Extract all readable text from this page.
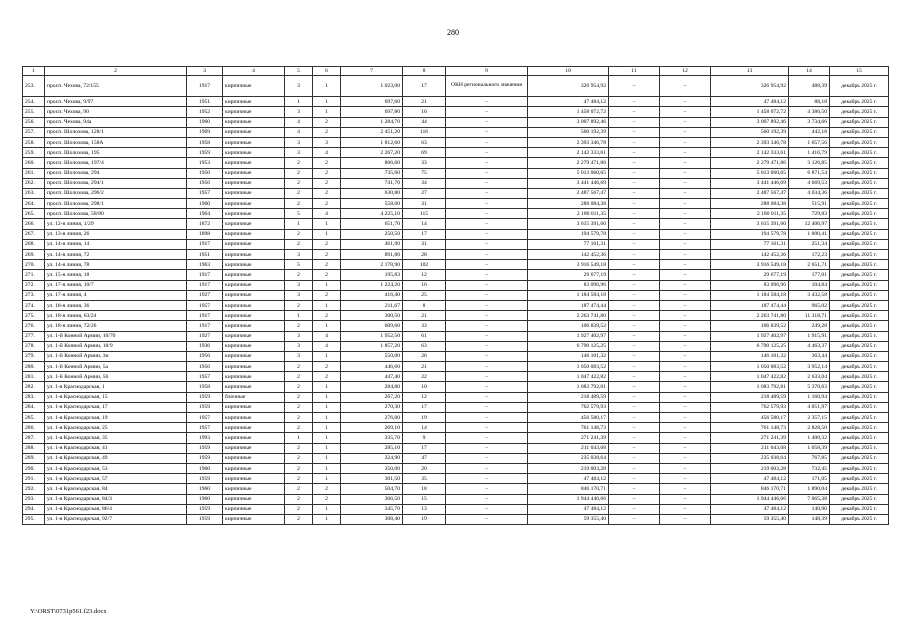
280
1	2	3	4	5	6	7	8	9	10	11	12	13	14	15
253.	просп. Чехова, 72/155	1917	кирпичные	3	1	1 023,00	17	ОКН регионального значения	326 954,92	–	–	326 954,92	488,39	декабрь 2025 г.
254.	просп. Чехова, 9/97	1951	кирпичные	1	1	697,60	21	–	47 484,12	–	–	47 484,12	88,18	декабрь 2025 г.
255.	просп. Чехова, 90	1952	кирпичные	3	1	697,80	16	–	1 458 072,72	–	–	1 458 072,72	4 386,50	декабрь 2025 г.
256.	просп. Чехова, 94а	1960	кирпичные	4	2	1 284,70	44	–	3 007 892,46	–	–	3 007 892,46	3 734,66	декабрь 2025 г.
257.	просп. Шолохова, 128/1	1969	кирпичные	4	2	2 451,20	116	–	560 192,39	–	–	560 192,39	442,18	декабрь 2025 г.
258.	просп. Шолохова, 158А	1958	кирпичные	3	3	1 812,60	63	–	2 393 346,78	–	–	2 393 346,78	1 657,56	декабрь 2025 г.
259.	просп. Шолохова, 195	1959	кирпичные	3	4	2 267,20	69	–	2 142 333,61	–	–	2 142 333,61	1 416,79	декабрь 2025 г.
260.	просп. Шолохова, 197/4	1953	кирпичные	2	2	806,60	33	–	2 279 471,86	–	–	2 279 471,86	3 126,85	декабрь 2025 г.
261.	просп. Шолохова, 294	1950	кирпичные	2	2	735,60	75	–	5 013 060,65	–	–	5 013 060,65	6 871,54	декабрь 2025 г.
262.	просп. Шолохова, 294/1	1956	кирпичные	2	2	741,70	34	–	3 441 446,69	–	–	3 441 446,69	4 669,53	декабрь 2025 г.
263.	просп. Шолохова, 296/2	1957	кирпичные	2	2	630,80	27	–	2 487 567,47	–	–	2 487 567,47	4 034,36	декабрь 2025 г.
264.	просп. Шолохова, 298/1	1960	кирпичные	2	2	558,60	31	–	288 084,38	–	–	288 084,38	515,91	декабрь 2025 г.
265.	просп. Шолохова, 58/80	1964	кирпичные	5	4	4 225,10	115	–	2 180 011,35	–	–	2 180 011,35	729,83	декабрь 2025 г.
266.	ул. 12-я линия, 1/29	1872	кирпичные	1	1	651,70	14	–	3 615 391,60	–	–	3 615 391,60	12 406,97	декабрь 2025 г.
267.	ул. 13-я линия, 26	1898	кирпичные	2	1	250,50	17	–	194 579,78	–	–	194 579,78	1 000,41	декабрь 2025 г.
268.	ул. 14-я линия, 14	1917	кирпичные	2	2	461,90	31	–	77 161,31	–	–	77 161,31	251,34	декабрь 2025 г.
269.	ул. 14-я линия, 72	1951	кирпичные	3	2	891,80	28	–	142 452,36	–	–	142 452,36	172,23	декабрь 2025 г.
270.	ул. 14-я линия, 78	1963	кирпичные	5	2	2 178,90	102	–	3 916 549,18	–	–	3 916 549,18	2 651,71	декабрь 2025 г.
271.	ул. 15-я линия, 18	1917	кирпичные	2	2	195,83	12	–	29 677,19	–	–	29 677,19	177,01	декабрь 2025 г.
272.	ул. 17-я линия, 10/7	1917	кирпичные	3	1	1 224,20	16	–	83 096,96	–	–	83 096,96	104,84	декабрь 2025 г.
273.	ул. 17-я линия, 4	1927	кирпичные	3	2	416,40	25	–	1 184 584,18	–	–	1 184 584,18	3 432,58	декабрь 2025 г.
274.	ул. 18-я линия, 36	1957	кирпичные	2	1	211,67	8	–	187 474,44	–	–	187 474,44	965,02	декабрь 2025 г.
275.	ул. 18-я линия, 63/24	1917	кирпичные	1	2	300,50	21	–	2 263 741,80	–	–	2 263 741,80	11 318,71	декабрь 2025 г.
276.	ул. 18-я линия, 72/26	1917	кирпичные	2	1	609,60	33	–	106 839,52	–	–	106 839,52	249,28	декабрь 2025 г.
277.	ул. 1-й Конной Армии, 10/70	1927	кирпичные	3	4	1 952,50	61	–	1 927 402,97	–	–	1 927 402,97	1 915,91	декабрь 2025 г.
278.	ул. 1-й Конной Армии, 18/9	1936	кирпичные	3	4	1 857,20	63	–	6 790 125,25	–	–	6 790 125,25	4 463,37	декабрь 2025 г.
279.	ул. 1-й Конной Армии, 3и	1956	кирпичные	3	1	550,00	26	–	146 101,32	–	–	146 101,32	363,44	декабрь 2025 г.
280.	ул. 1-й Конной Армии, 5а	1956	кирпичные	2	2	446,60	21	–	1 050 083,52	–	–	1 050 083,52	3 952,14	декабрь 2025 г.
281.	ул. 1-й Конной Армии, 56	1957	кирпичные	2	2	447,40	22	–	1 047 422,82	–	–	1 047 422,82	2 633,04	декабрь 2025 г.
282.	ул. 1-я Краснодарская, 1	1958	кирпичные	2	1	284,80	10	–	1 083 792,81	–	–	1 083 792,81	5 370,63	декабрь 2025 г.
283.	ул. 1-я Краснодарская, 15	1959	блочные	2	1	267,20	12	–	218 489,59	–	–	218 489,59	1 160,94	декабрь 2025 г.
284.	ул. 1-я Краснодарская, 17	1959	кирпичные	2	1	270,30	17	–	762 579,93	–	–	762 579,93	4 051,97	декабрь 2025 г.
285.	ул. 1-я Краснодарская, 19	1957	кирпичные	2	1	276,00	19	–	456 580,17	–	–	456 580,17	2 357,15	декабрь 2025 г.
286.	ул. 1-я Краснодарская, 25	1957	кирпичные	2	1	269,10	14	–	761 148,73	–	–	761 148,73	2 828,50	декабрь 2025 г.
287.	ул. 1-я Краснодарская, 35	1993	кирпичные	1	1	335,70	9	–	271 241,39	–	–	271 241,39	1 400,32	декабрь 2025 г.
288.	ул. 1-я Краснодарская, 41	1959	кирпичные	2	1	285,10	17	–	211 043,68	–	–	211 043,68	1 058,39	декабрь 2025 г.
289.	ул. 1-я Краснодарская, 49	1959	кирпичные	2	1	324,90	47	–	235 038,64	–	–	235 038,64	767,85	декабрь 2025 г.
290.	ул. 1-я Краснодарская, 53	1960	кирпичные	2	1	350,00	20	–	219 003,28	–	–	219 003,28	732,45	декабрь 2025 г.
291.	ул. 1-я Краснодарская, 57	1959	кирпичные	2	1	301,50	35	–	47 484,12	–	–	47 484,12	171,05	декабрь 2025 г.
292.	ул. 1-я Краснодарская, 84	1960	кирпичные	2	2	504,70	18	–	846 170,71	–	–	846 170,71	1 890,04	декабрь 2025 г.
293.	ул. 1-я Краснодарская, 84/3	1960	кирпичные	2	2	366,50	15	–	1 944 446,66	–	–	1 944 446,66	7 065,38	декабрь 2025 г.
294.	ул. 1-я Краснодарская, 86/4	1959	кирпичные	2	1	345,70	13	–	47 484,12	–	–	47 484,12	140,90	декабрь 2025 г.
295.	ул. 1-я Краснодарская, 92/7	1959	кирпичные	2	1	308,40	19	–	59 355,40	–	–	59 355,40	148,39	декабрь 2025 г.
Y:\ORST\0731p561.f23.docx
